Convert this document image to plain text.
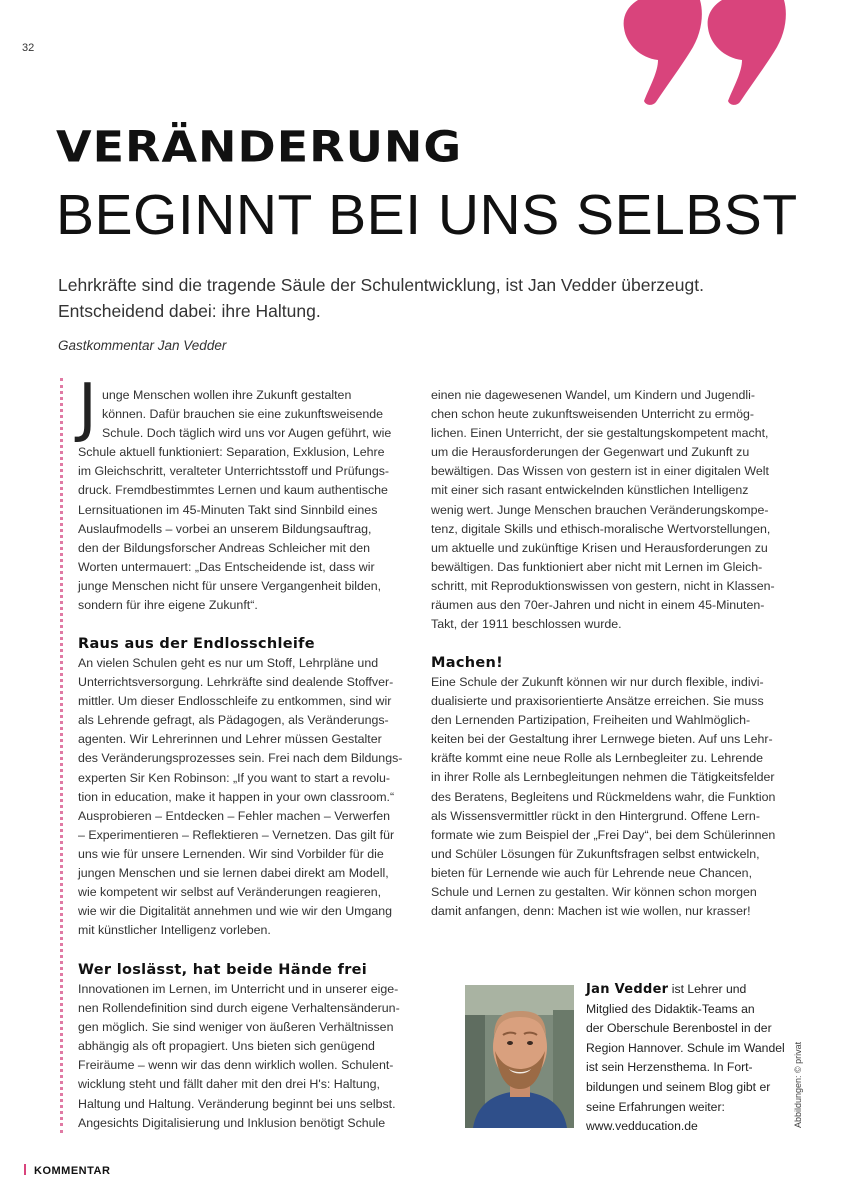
32
VERÄNDERUNG
BEGINNT BEI UNS SELBST
Lehrkräfte sind die tragende Säule der Schulentwicklung, ist Jan Vedder überzeugt.
Entscheidend dabei: ihre Haltung.
Gastkommentar Jan Vedder
J unge Menschen wollen ihre Zukunft gestalten
können. Dafür brauchen sie eine zukunftsweisende
Schule. Doch täglich wird uns vor Augen geführt, wie
Schule aktuell funktioniert: Separation, Exklusion, Lehre
im Gleichschritt, veralteter Unterrichtsstoff und Prüfungs-
druck. Fremdbestimmtes Lernen und kaum authentische
Lernsituationen im 45-Minuten Takt sind Sinnbild eines
Auslaufmodells – vorbei an unserem Bildungsauftrag,
den der Bildungsforscher Andreas Schleicher mit den
Worten untermauert: „Das Entscheidende ist, dass wir
junge Menschen nicht für unsere Vergangenheit bilden,
sondern für ihre eigene Zukunft“.
Raus aus der Endlosschleife
An vielen Schulen geht es nur um Stoff, Lehrpläne und
Unterrichtsversorgung. Lehrkräfte sind dealende Stoffver-
mittler. Um dieser Endlosschleife zu entkommen, sind wir
als Lehrende gefragt, als Pädagogen, als Veränderungs-
agenten. Wir Lehrerinnen und Lehrer müssen Gestalter
des Veränderungsprozesses sein. Frei nach dem Bildungs-
experten Sir Ken Robinson: „If you want to start a revolu-
tion in education, make it happen in your own classroom.“
Ausprobieren – Entdecken – Fehler machen – Verwerfen
– Experimentieren – Reflektieren – Vernetzen. Das gilt für
uns wie für unsere Lernenden. Wir sind Vorbilder für die
jungen Menschen und sie lernen dabei direkt am Modell,
wie kompetent wir selbst auf Veränderungen reagieren,
wie wir die Digitalität annehmen und wie wir den Umgang
mit künstlicher Intelligenz vorleben.
Wer loslässt, hat beide Hände frei
Innovationen im Lernen, im Unterricht und in unserer eige-
nen Rollendefinition sind durch eigene Verhaltensänderun-
gen möglich. Sie sind weniger von äußeren Verhältnissen
abhängig als oft propagiert. Uns bieten sich genügend
Freiräume – wenn wir das denn wirklich wollen. Schulent-
wicklung steht und fällt daher mit den drei H's: Haltung,
Haltung und Haltung. Veränderung beginnt bei uns selbst.
Angesichts Digitalisierung und Inklusion benötigt Schule
einen nie dagewesenen Wandel, um Kindern und Jugendli-
chen schon heute zukunftsweisenden Unterricht zu ermög-
lichen. Einen Unterricht, der sie gestaltungskompetent macht,
um die Herausforderungen der Gegenwart und Zukunft zu
bewältigen. Das Wissen von gestern ist in einer digitalen Welt
mit einer sich rasant entwickelnden künstlichen Intelligenz
wenig wert. Junge Menschen brauchen Veränderungskompe-
tenz, digitale Skills und ethisch-moralische Wertvorstellungen,
um aktuelle und zukünftige Krisen und Herausforderungen zu
bewältigen. Das funktioniert aber nicht mit Lernen im Gleich-
schritt, mit Reproduktionswissen von gestern, nicht in Klassen-
räumen aus den 70er-Jahren und nicht in einem 45-Minuten-
Takt, der 1911 beschlossen wurde.
Machen!
Eine Schule der Zukunft können wir nur durch flexible, indivi-
dualisierte und praxisorientierte Ansätze erreichen. Sie muss
den Lernenden Partizipation, Freiheiten und Wahlmöglich-
keiten bei der Gestaltung ihrer Lernwege bieten. Auf uns Lehr-
kräfte kommt eine neue Rolle als Lernbegleiter zu. Lehrende
in ihrer Rolle als Lernbegleitungen nehmen die Tätigkeitsfelder
des Beratens, Begleitens und Rückmeldens wahr, die Funktion
als Wissensvermittler rückt in den Hintergrund. Offene Lern-
formate wie zum Beispiel der „Frei Day“, bei dem Schülerinnen
und Schüler Lösungen für Zukunftsfragen selbst entwickeln,
bieten für Lernende wie auch für Lehrende neue Chancen,
Schule und Lernen zu gestalten. Wir können schon morgen
damit anfangen, denn: Machen ist wie wollen, nur krasser!
Jan Vedder ist Lehrer und
Mitglied des Didaktik-Teams an
der Oberschule Berenbostel in der
Region Hannover. Schule im Wandel
ist sein Herzensthema. In Fort-
bildungen und seinem Blog gibt er
seine Erfahrungen weiter:
www.vedducation.de	Abbildungen: © privat
KOMMENTAR
